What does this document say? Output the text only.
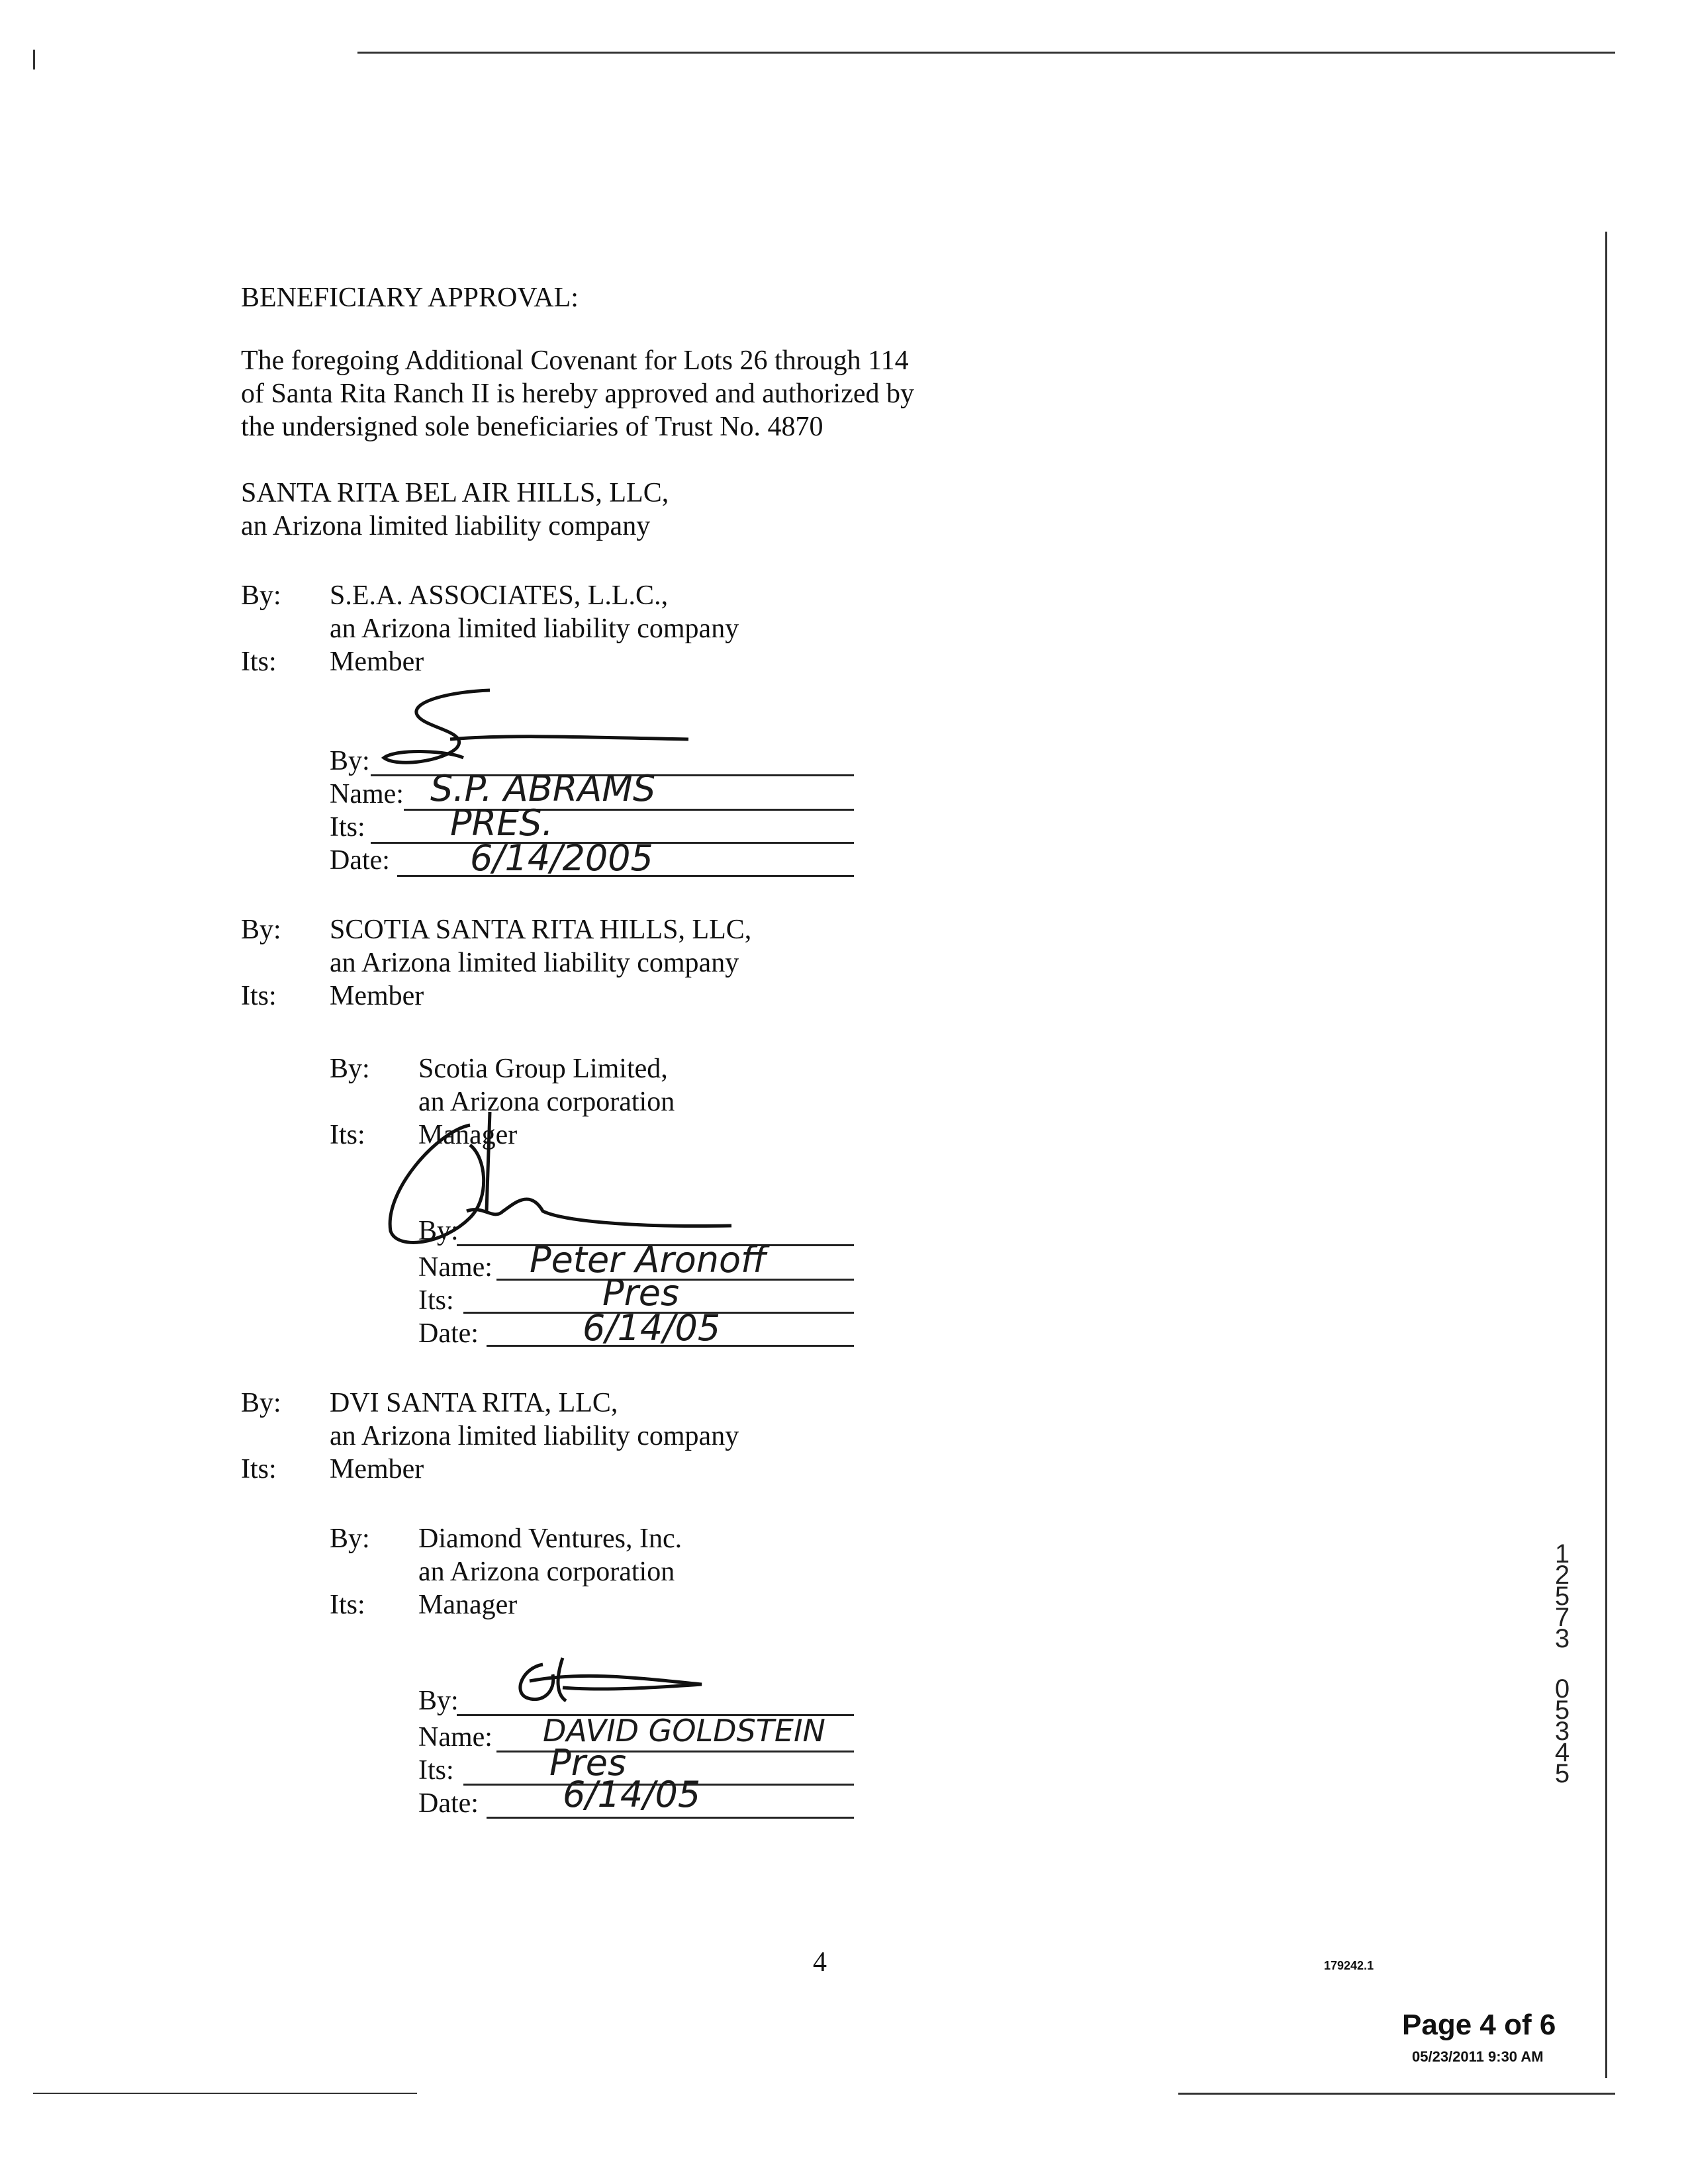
BENEFICIARY APPROVAL:
The foregoing Additional Covenant for Lots 26 through 114
of Santa Rita Ranch II is hereby approved and authorized by
the undersigned sole beneficiaries of Trust No. 4870
SANTA RITA BEL AIR HILLS, LLC,
an Arizona limited liability company
By: S.E.A. ASSOCIATES, L.L.C.,
an Arizona limited liability company
Its: Member
By:
Name: S.P. ABRAMS
Its: PRES.
Date: 6/14/2005
By: SCOTIA SANTA RITA HILLS, LLC,
an Arizona limited liability company
Its: Member
By: Scotia Group Limited,
an Arizona corporation
Its: Manager
By:
Name: Peter Aronoff
Its:	Pres
Date:	6/14/05
By: DVI SANTA RITA, LLC,
an Arizona limited liability company
Its: Member
By: Diamond Ventures, Inc.
an Arizona corporation
Its: Manager
By:
Name: DAVID GOLDSTEIN
Its:	Pres
Date: 6/14/05
1
2
5
7
3
0
5
3
4
5
4	179242.1
Page 4 of 6
05/23/2011 9:30 AM
